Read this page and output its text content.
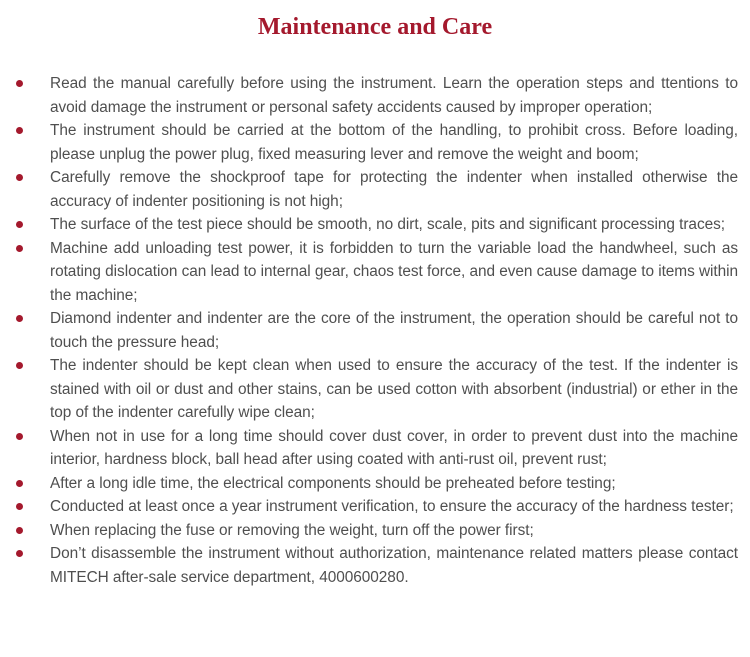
Maintenance and Care
Read the manual carefully before using the instrument. Learn the operation steps and ttentions to avoid damage the instrument or personal safety accidents caused by improper operation;
The instrument should be carried at the bottom of the handling, to prohibit cross. Before loading, please unplug the power plug, fixed measuring lever and remove the weight and boom;
Carefully remove the shockproof tape for protecting the indenter when installed otherwise the accuracy of indenter positioning is not high;
The surface of the test piece should be smooth, no dirt, scale, pits and significant processing traces;
Machine add unloading test power, it is forbidden to turn the variable load the handwheel, such as rotating dislocation can lead to internal gear, chaos test force, and even cause damage to items within the machine;
Diamond indenter and indenter are the core of the instrument, the operation should be careful not to touch the pressure head;
The indenter should be kept clean when used to ensure the accuracy of the test. If the indenter is stained with oil or dust and other stains, can be used cotton with absorbent (industrial) or ether in the top of the indenter carefully wipe clean;
When not in use for a long time should cover dust cover, in order to prevent dust into the machine interior, hardness block, ball head after using coated with anti-rust oil, prevent rust;
After a long idle time, the electrical components should be preheated before testing;
Conducted at least once a year instrument verification, to ensure the accuracy of the hardness tester;
When replacing the fuse or removing the weight, turn off the power first;
Don’t disassemble the instrument without authorization, maintenance related matters please contact MITECH after-sale service department, 4000600280.
